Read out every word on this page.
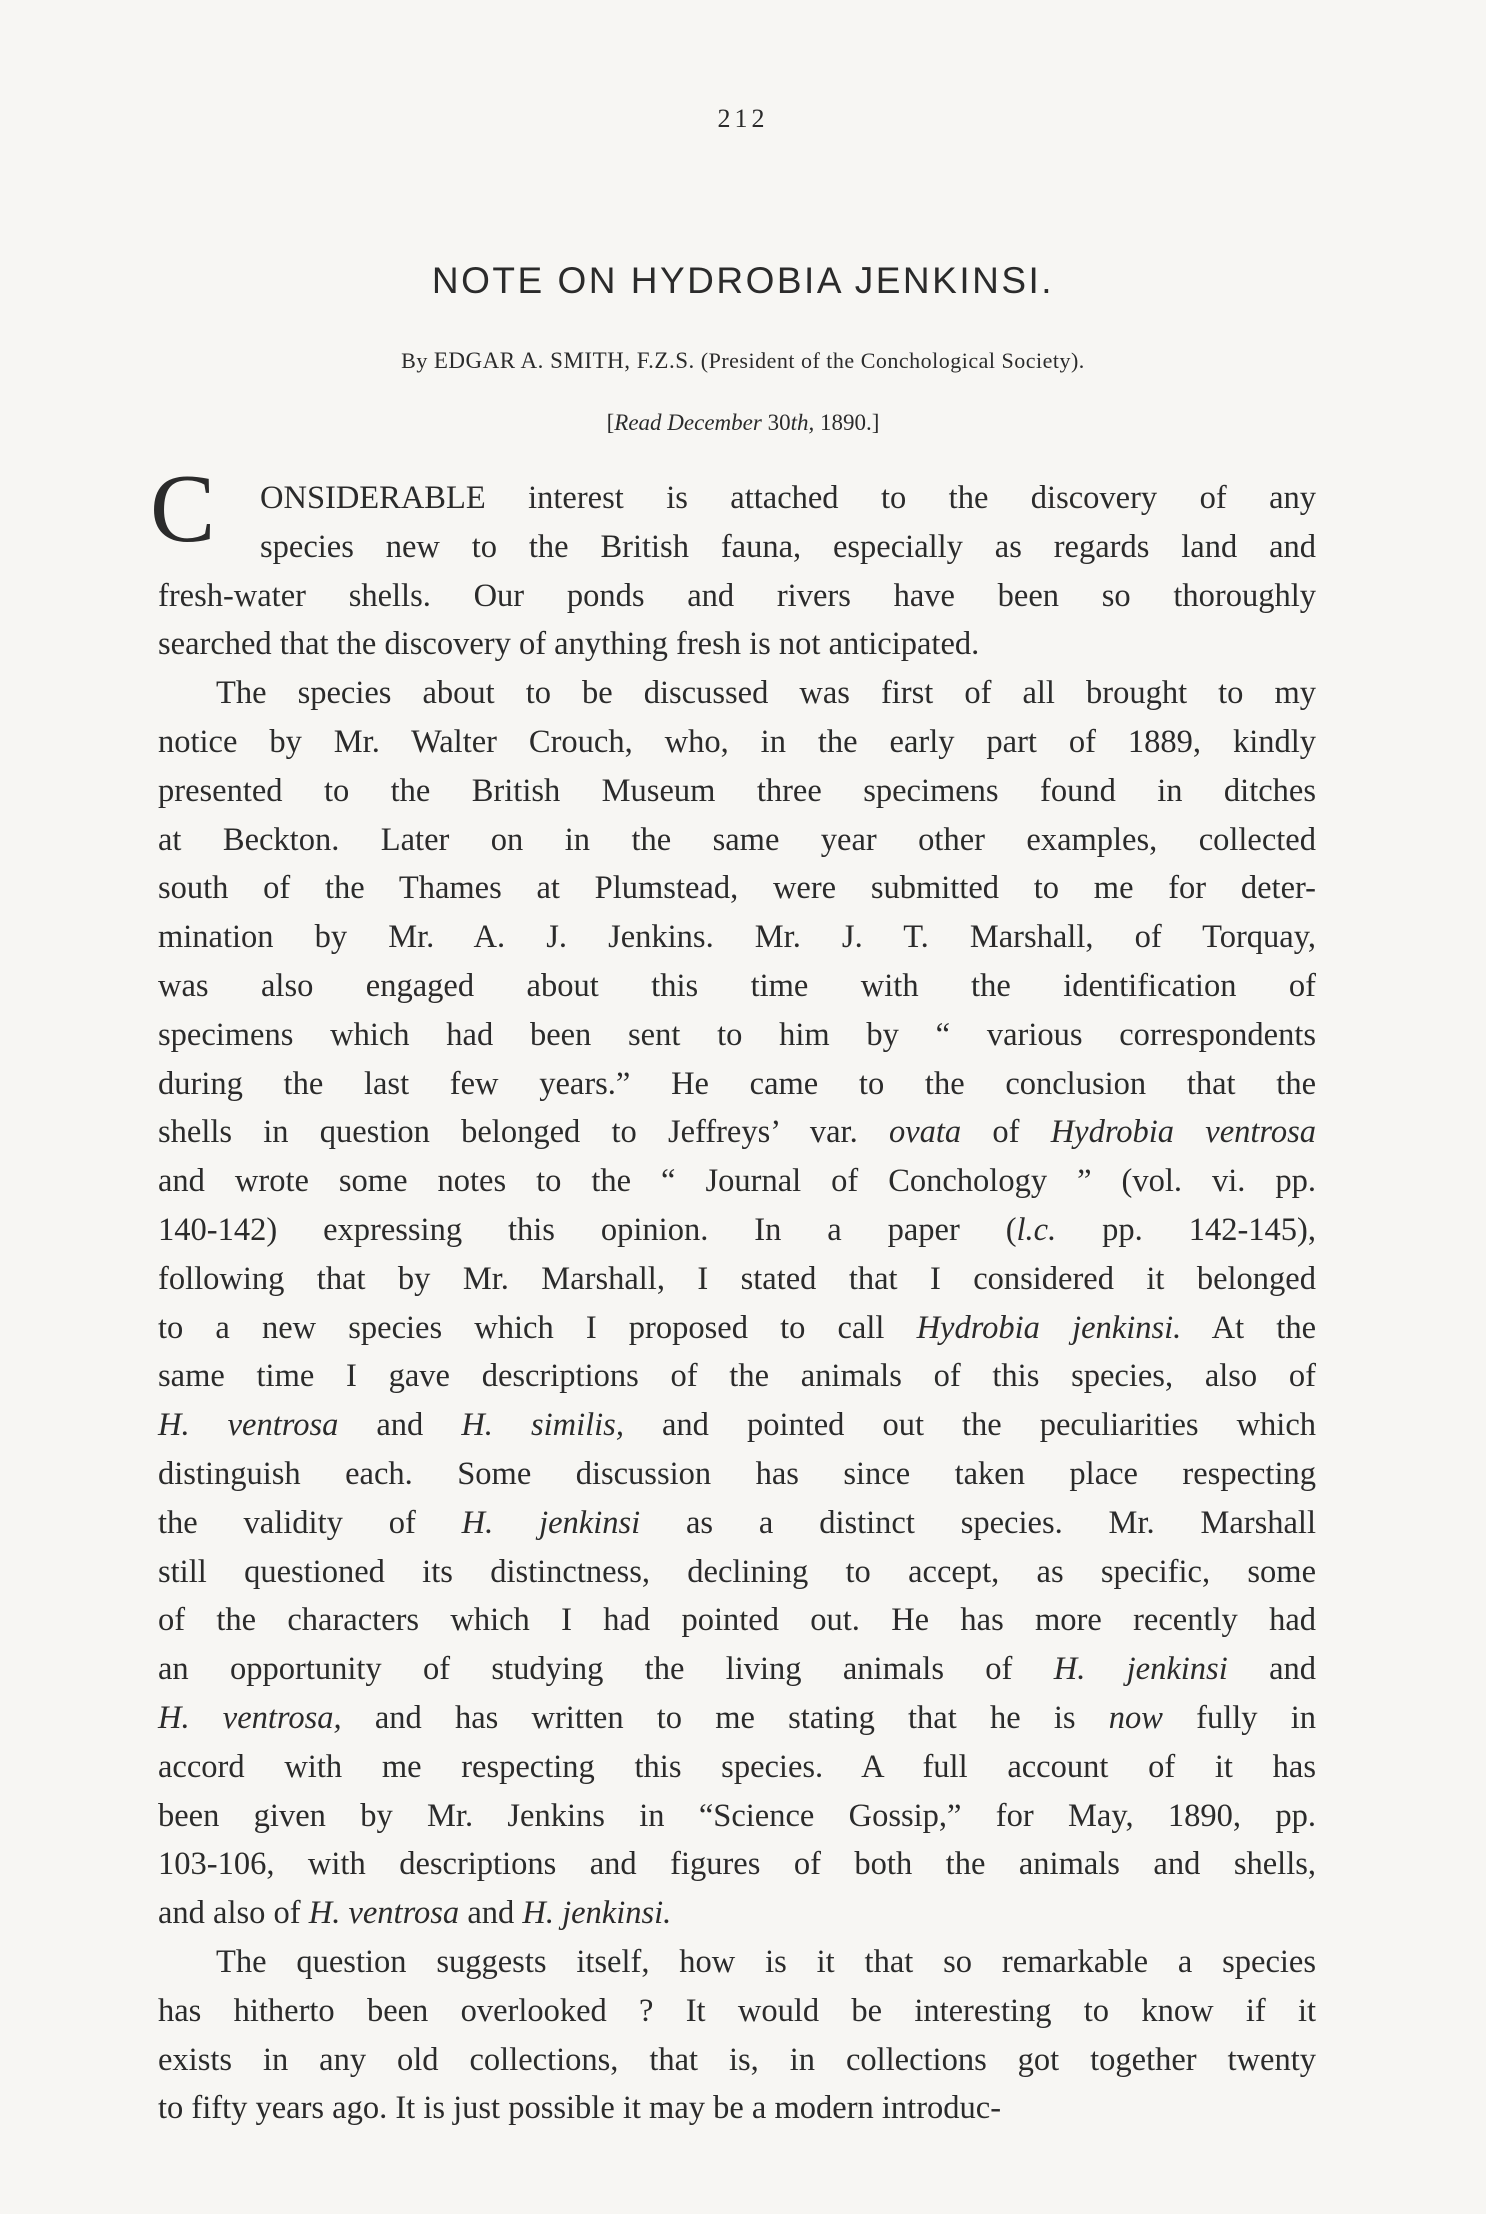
212
NOTE ON HYDROBIA JENKINSI.
By EDGAR A. SMITH, F.Z.S. (President of the Conchological Society).
[Read December 30th, 1890.]
C	ONSIDERABLE interest is attached to the discovery of any
species new to the British fauna, especially as regards land and
fresh-water shells. Our ponds and rivers have been so thoroughly
searched that the discovery of anything fresh is not anticipated.
The species about to be discussed was first of all brought to my
notice by Mr. Walter Crouch, who, in the early part of 1889, kindly
presented to the British Museum three specimens found in ditches
at Beckton. Later on in the same year other examples, collected
south of the Thames at Plumstead, were submitted to me for deter-
mination by Mr. A. J. Jenkins. Mr. J. T. Marshall, of Torquay,
was also engaged about this time with the identification of
specimens which had been sent to him by “ various correspondents
during the last few years.” He came to the conclusion that the
shells in question belonged to Jeffreys’ var. ovata of Hydrobia ventrosa
and wrote some notes to the “ Journal of Conchology ” (vol. vi. pp.
140-142) expressing this opinion. In a paper (l.c. pp. 142-145),
following that by Mr. Marshall, I stated that I considered it belonged
to a new species which I proposed to call Hydrobia jenkinsi. At the
same time I gave descriptions of the animals of this species, also of
H. ventrosa and H. similis, and pointed out the peculiarities which
distinguish each. Some discussion has since taken place respecting
the validity of H. jenkinsi as a distinct species. Mr. Marshall
still questioned its distinctness, declining to accept, as specific, some
of the characters which I had pointed out. He has more recently had
an opportunity of studying the living animals of H. jenkinsi and
H. ventrosa, and has written to me stating that he is now fully in
accord with me respecting this species. A full account of it has
been given by Mr. Jenkins in “Science Gossip,” for May, 1890, pp.
103-106, with descriptions and figures of both the animals and shells,
and also of H. ventrosa and H. jenkinsi.
The question suggests itself, how is it that so remarkable a species
has hitherto been overlooked ? It would be interesting to know if it
exists in any old collections, that is, in collections got together twenty
to fifty years ago. It is just possible it may be a modern introduc-
